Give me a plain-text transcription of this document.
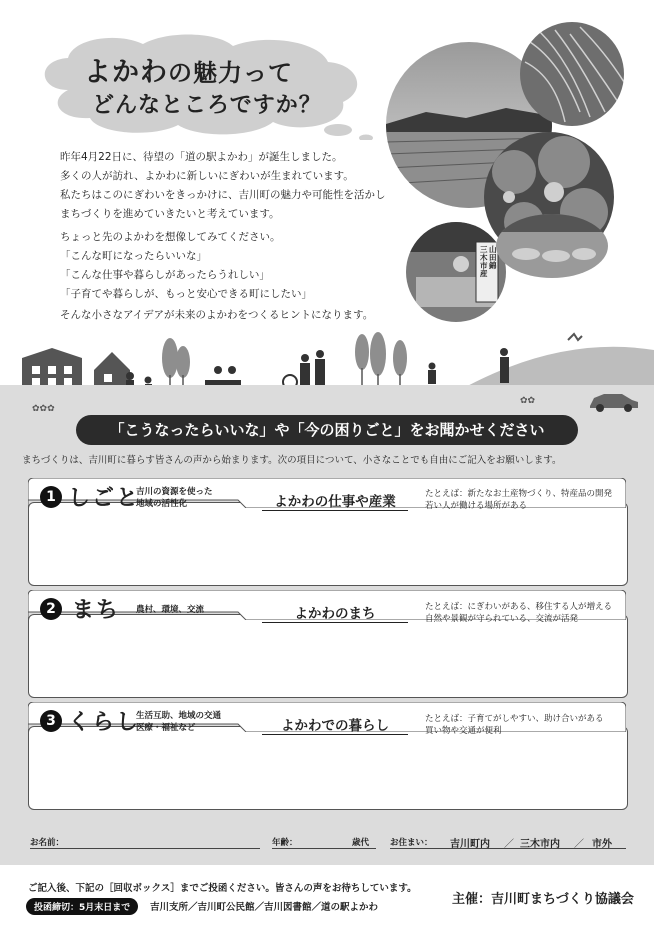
よかわの魅力って
どんなところですか？

昨年4月22日に、待望の「道の駅よかわ」が誕生しました。

多くの人が訪れ、よかわに新しいにぎわいが生まれています。

私たちはこのにぎわいをきっかけに、吉川町の魅力や可能性を活かし

まちづくりを進めていきたいと考えています。

ちょっと先のよかわを想像してみてください。

「こんな町になったらいいな」

「こんな仕事や暮らしがあったらうれしい」

「子育てや暮らしが、もっと安心できる町にしたい」

そんな小さなアイデアが未来のよかわをつくるヒントになります。

三木市産
山田錦
✿✿✿
✿✿
「こうなったらいいな」や「今の困りごと」をお聞かせください
まちづくりは、吉川町に暮らす皆さんの声から始まります。次の項目について、小さなことでも自由にご記入をお願いします。
1 しごと
吉川の資源を使った
地域の活性化	よかわの仕事や産業	たとえば：新たなお土産物づくり、特産品の開発
若い人が働ける場所がある
2 まち 農村、環境、交流	よかわのまち	たとえば：にぎわいがある、移住する人が増える
自然や景観が守られている、交流が活発
3 くらし
生活互助、地域の交通
医療・福祉など	よかわでの暮らし	たとえば：子育てがしやすい、助け合いがある
買い物や交通が便利
お名前：	年齢：	歳代 お住まい： 吉川町内 ／ 三木市内 ／ 市外
ご記入後、下記の［回収ボックス］までご投函ください。皆さんの声をお待ちしています。
投函締切：5月末日まで	吉川支所／吉川町公民館／吉川図書館／道の駅よかわ
主催：吉川町まちづくり協議会
